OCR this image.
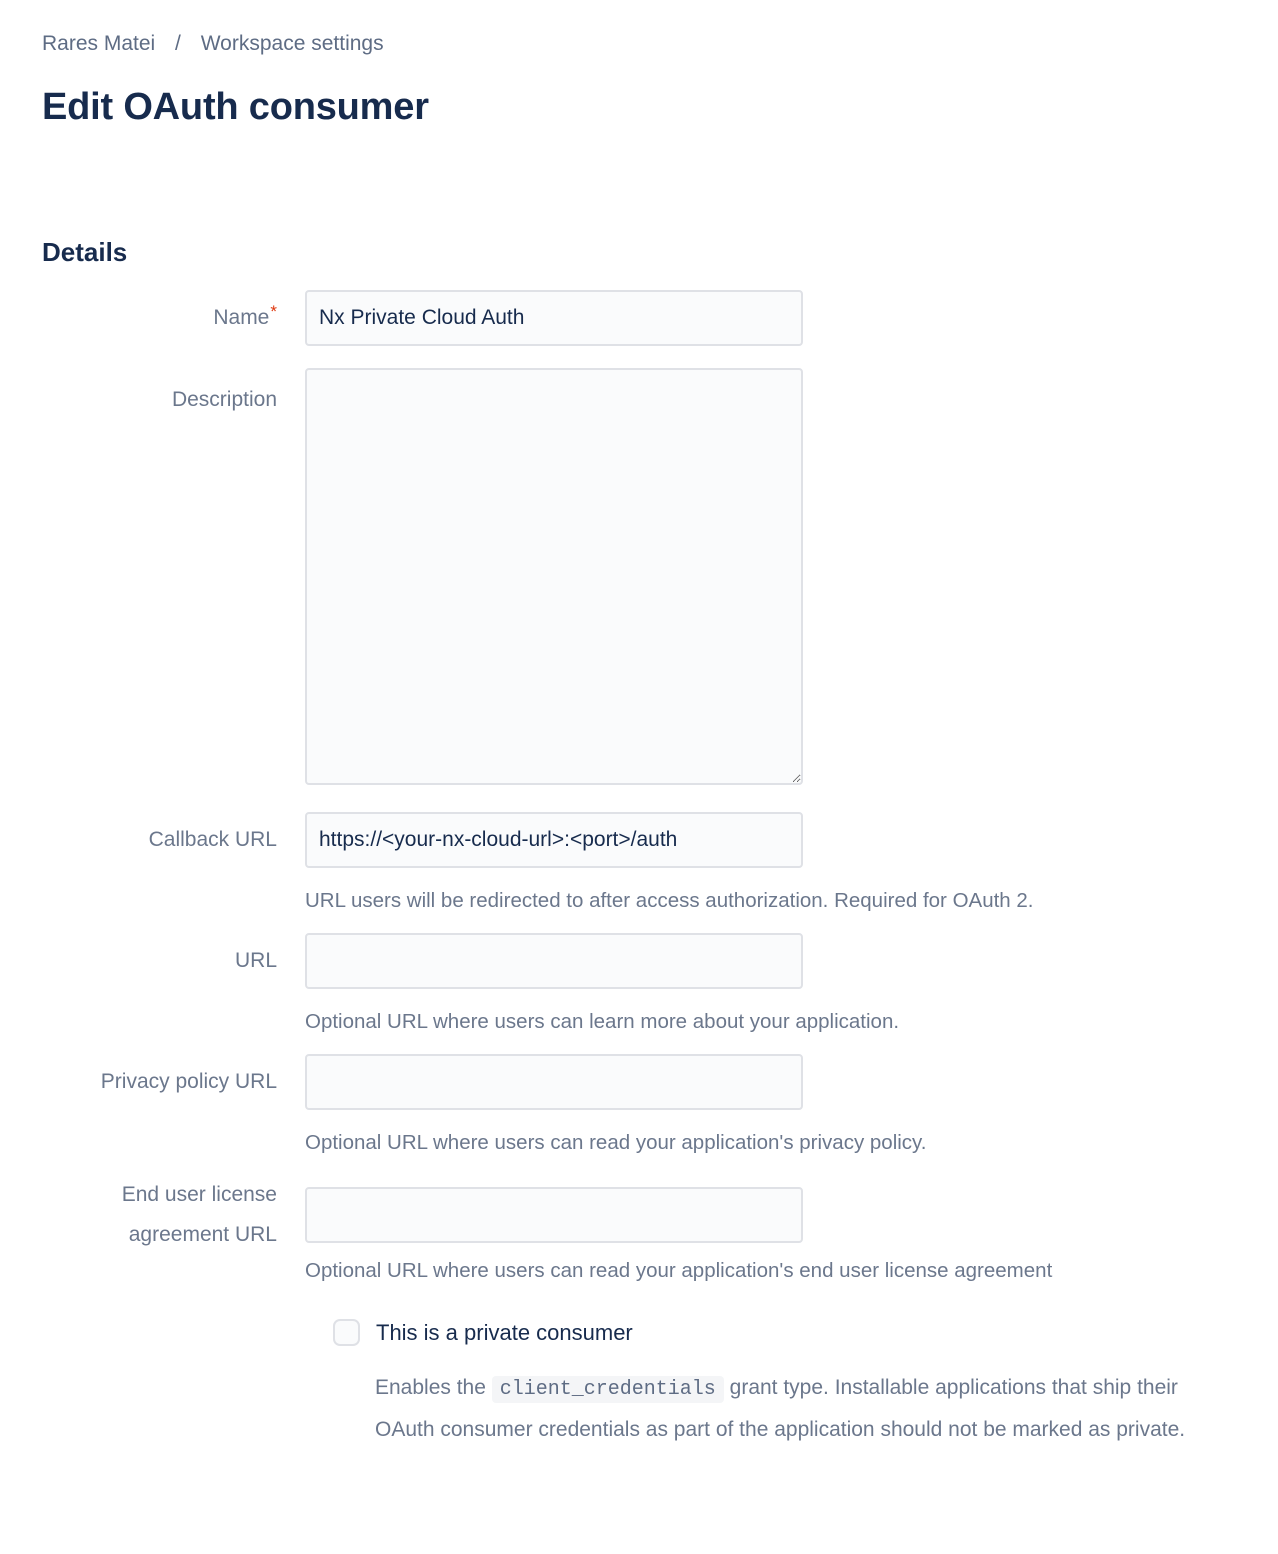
Rares Matei / Workspace settings
Edit OAuth consumer
Details
Name*
Nx Private Cloud Auth
Description
Callback URL
https://<your-nx-cloud-url>:<port>/auth
URL users will be redirected to after access authorization. Required for OAuth 2.
URL
Optional URL where users can learn more about your application.
Privacy policy URL
Optional URL where users can read your application's privacy policy.
End user license agreement URL
Optional URL where users can read your application's end user license agreement
This is a private consumer
Enables the client_credentials grant type. Installable applications that ship their OAuth consumer credentials as part of the application should not be marked as private.
